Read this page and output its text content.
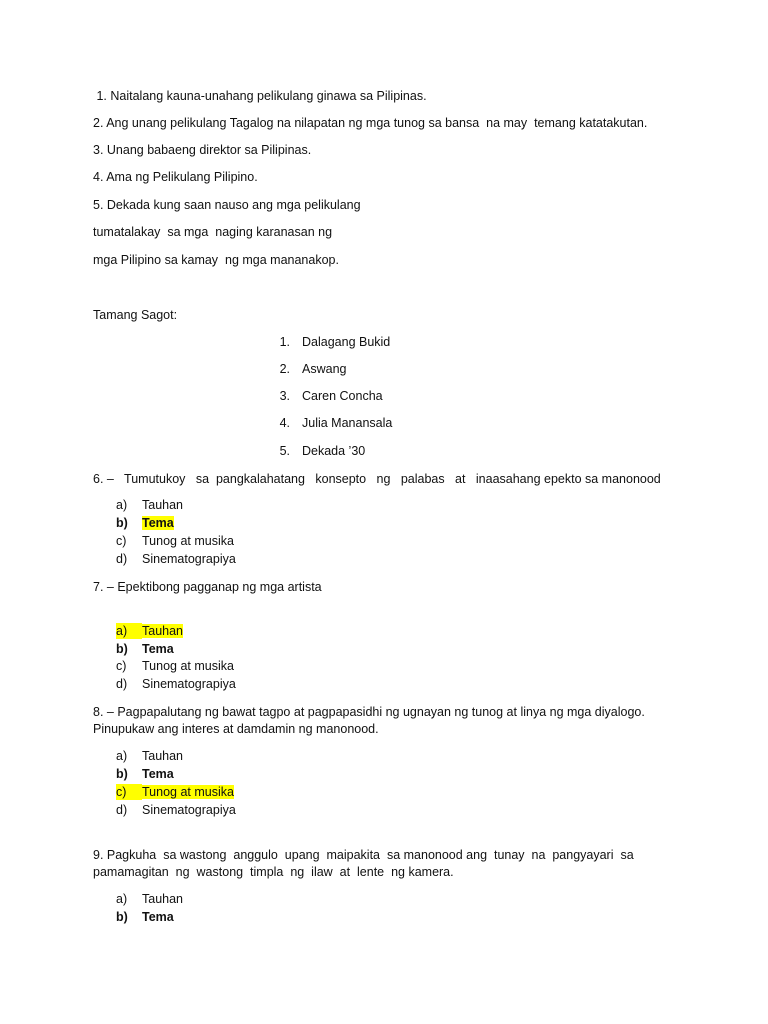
1. Naitalang kauna-unahang pelikulang ginawa sa Pilipinas.
2. Ang unang pelikulang Tagalog na nilapatan ng mga tunog sa bansa  na may  temang katatakutan.
3. Unang babaeng direktor sa Pilipinas.
4. Ama ng Pelikulang Pilipino.
5. Dekada kung saan nauso ang mga pelikulang
tumatalakay  sa mga  naging karanasan ng
mga Pilipino sa kamay  ng mga mananakop.
Tamang Sagot:
1. Dalagang Bukid
2. Aswang
3. Caren Concha
4. Julia Manansala
5. Dekada ’30
6. –   Tumutukoy   sa  pangkalahatang   konsepto   ng   palabas   at   inaasahang epekto sa manonood
a) Tauhan
b) Tema
c) Tunog at musika
d) Sinematograpiya
7. – Epektibong pagganap ng mga artista
a) Tauhan
b) Tema
c) Tunog at musika
d) Sinematograpiya
8. – Pagpapalutang ng bawat tagpo at pagpapasidhi ng ugnayan ng tunog at linya ng mga diyalogo.
Pinupukaw ang interes at damdamin ng manonood.
a) Tauhan
b) Tema
c) Tunog at musika
d) Sinematograpiya
9. Pagkuha  sa wastong  anggulo  upang  maipakita  sa manonood ang  tunay  na  pangyayari  sa
pamamagitan  ng  wastong  timpla  ng  ilaw  at  lente  ng kamera.
a) Tauhan
b) Tema
